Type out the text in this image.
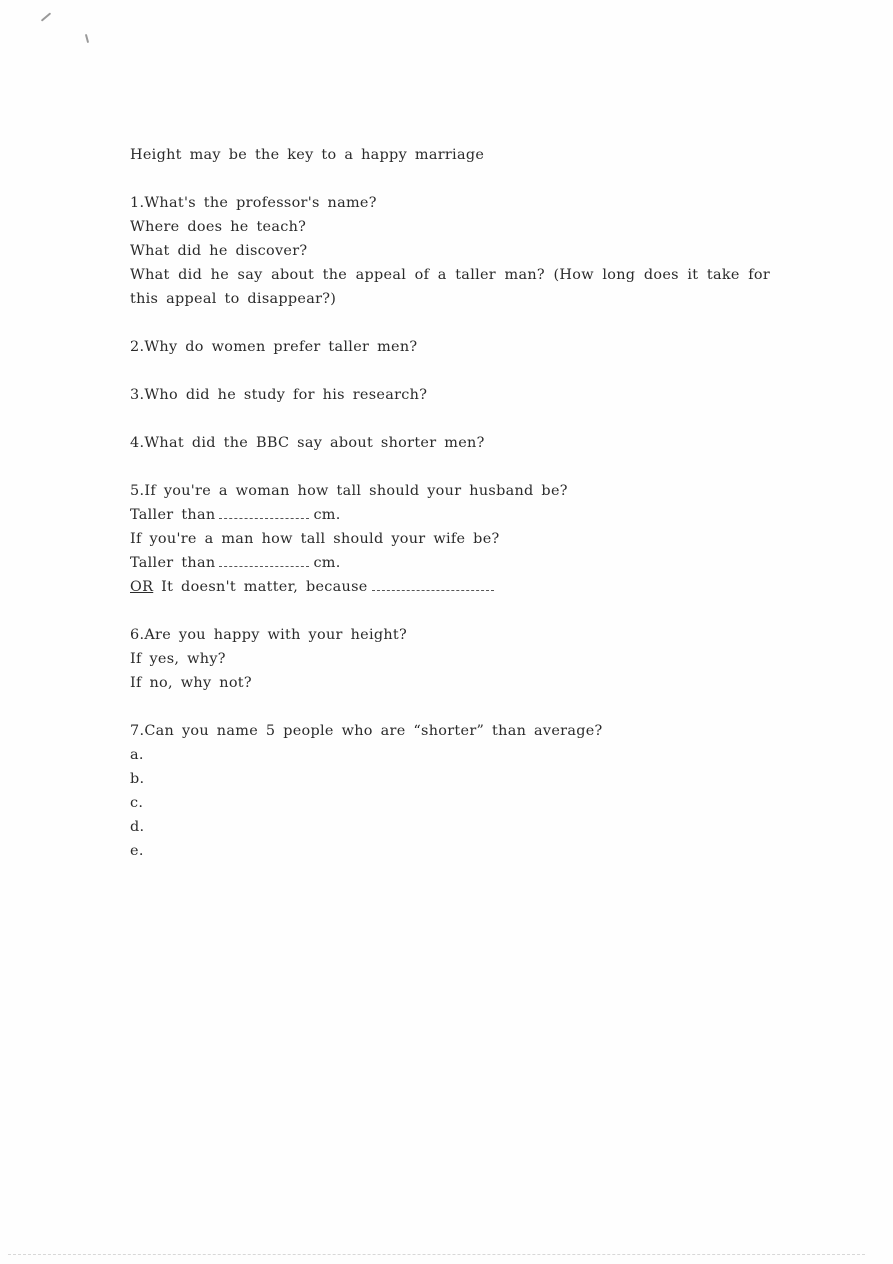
Height may be the key to a happy marriage
1.What's the professor's name?
Where does he teach?
What did he discover?
What did he say about the appeal of a taller man? (How long does it take for this appeal to disappear?)
2.Why do women prefer taller men?
3.Who did he study for his research?
4.What did the BBC say about shorter men?
5.If you're a woman how tall should your husband be?
Taller than	cm.
If you're a man how tall should your wife be?
Taller than	cm.
OR It doesn't matter, because
6.Are you happy with your height?
If yes, why?
If no, why not?
7.Can you name 5 people who are “shorter” than average?
a.
b.
c.
d.
e.
